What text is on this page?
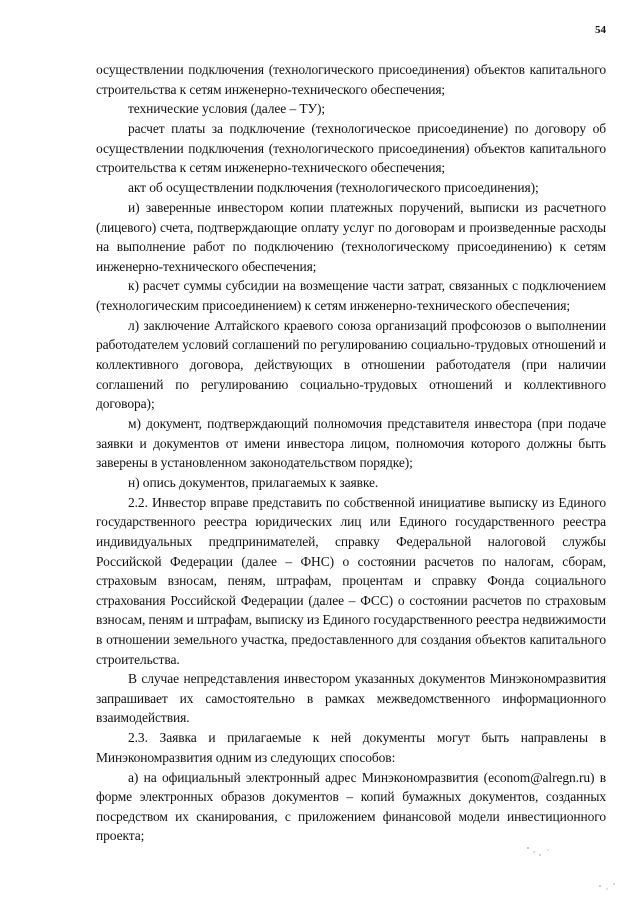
54

осуществлении подключения (технологического присоединения) объектов капитального строительства к сетям инженерно-технического обеспечения;

технические условия (далее – ТУ);

расчет платы за подключение (технологическое присоединение) по договору об осуществлении подключения (технологического присоединения) объектов капитального строительства к сетям инженерно-технического обеспечения;

акт об осуществлении подключения (технологического присоединения);

и) заверенные инвестором копии платежных поручений, выписки из расчетного (лицевого) счета, подтверждающие оплату услуг по договорам и произведенные расходы на выполнение работ по подключению (технологическому присоединению) к сетям инженерно-технического обеспечения;

к) расчет суммы субсидии на возмещение части затрат, связанных с подключением (технологическим присоединением) к сетям инженерно-технического обеспечения;

л) заключение Алтайского краевого союза организаций профсоюзов о выполнении работодателем условий соглашений по регулированию социально-трудовых отношений и коллективного договора, действующих в отношении работодателя (при наличии соглашений по регулированию социально-трудовых отношений и коллективного договора);

м) документ, подтверждающий полномочия представителя инвестора (при подаче заявки и документов от имени инвестора лицом, полномочия которого должны быть заверены в установленном законодательством порядке);

н) опись документов, прилагаемых к заявке.

2.2. Инвестор вправе представить по собственной инициативе выписку из Единого государственного реестра юридических лиц или Единого государственного реестра индивидуальных предпринимателей, справку Федеральной налоговой службы Российской Федерации (далее – ФНС) о состоянии расчетов по налогам, сборам, страховым взносам, пеням, штрафам, процентам и справку Фонда социального страхования Российской Федерации (далее – ФСС) о состоянии расчетов по страховым взносам, пеням и штрафам, выписку из Единого государственного реестра недвижимости в отношении земельного участка, предоставленного для создания объектов капитального строительства.

В случае непредставления инвестором указанных документов Минэкономразвития запрашивает их самостоятельно в рамках межведомственного информационного взаимодействия.

2.3. Заявка и прилагаемые к ней документы могут быть направлены в Минэкономразвития одним из следующих способов:

а) на официальный электронный адрес Минэкономразвития (econom@alregn.ru) в форме электронных образов документов – копий бумажных документов, созданных посредством их сканирования, с приложением финансовой модели инвестиционного проекта;
